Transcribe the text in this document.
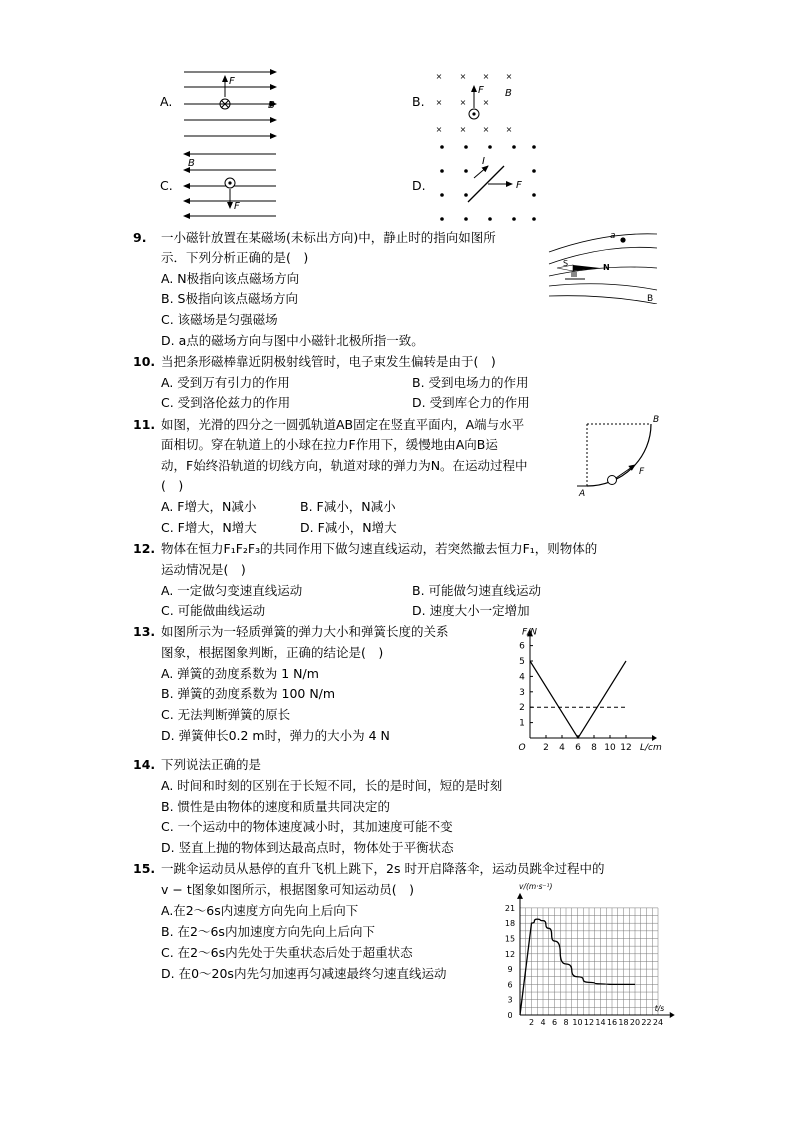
A.
F
B	B.
× × × ×
× × ×
× × × ×
F B
C.
F
B
D.
I
F
9. 一小磁针放置在某磁场(未标出方向)中，静止时的指向如图所
示．下列分析正确的是(　)
A. N极指向该点磁场方向
B. S极指向该点磁场方向
C. 该磁场是匀强磁场
D. a点的磁场方向与图中小磁针北极所指一致。
a
S	N
B
10. 当把条形磁棒靠近阴极射线管时，电子束发生偏转是由于(　)
A. 受到万有引力的作用	B. 受到电场力的作用
C. 受到洛伦兹力的作用	D. 受到库仑力的作用
11. 如图，光滑的四分之一圆弧轨道AB固定在竖直平面内，A端与水平
面相切。穿在轨道上的小球在拉力F作用下，缓慢地由A向B运
动，F始终沿轨道的切线方向，轨道对球的弹力为N。在运动过程中
(　)
A. F增大，N减小	B. F减小，N减小
C. F增大，N增大	D. F减小，N增大
F
A
B
12. 物体在恒力F₁F₂F₃的共同作用下做匀速直线运动，若突然撤去恒力F₁，则物体的
运动情况是(　)
A. 一定做匀变速直线运动	B. 可能做匀速直线运动
C. 可能做曲线运动	D. 速度大小一定增加
13. 如图所示为一轻质弹簧的弹力大小和弹簧长度的关系
图象，根据图象判断，正确的结论是(　)
A. 弹簧的劲度系数为 1 N/m
B. 弹簧的劲度系数为 100 N/m
C. 无法判断弹簧的原长
D. 弹簧伸长0.2 m时，弹力的大小为 4 N
2 4 6 8 10 12
1
2
3
4
5
6
O
F/N
L/cm
14. 下列说法正确的是
A. 时间和时刻的区别在于长短不同，长的是时间，短的是时刻
B. 惯性是由物体的速度和质量共同决定的
C. 一个运动中的物体速度减小时，其加速度可能不变
D. 竖直上抛的物体到达最高点时，物体处于平衡状态
15. 一跳伞运动员从悬停的直升飞机上跳下，2s 时开启降落伞，运动员跳伞过程中的
v − t图象如图所示，根据图象可知运动员(　)
A.在2～6s内速度方向先向上后向下
B. 在2～6s内加速度方向先向上后向下
C. 在2～6s内先处于失重状态后处于超重状态
D. 在0～20s内先匀加速再匀减速最终匀速直线运动
2 4 6 8 10 12 14 16 18 20 22 24
3
6
9
12
15
18
21
0
v/(m·s⁻¹)
t/s
